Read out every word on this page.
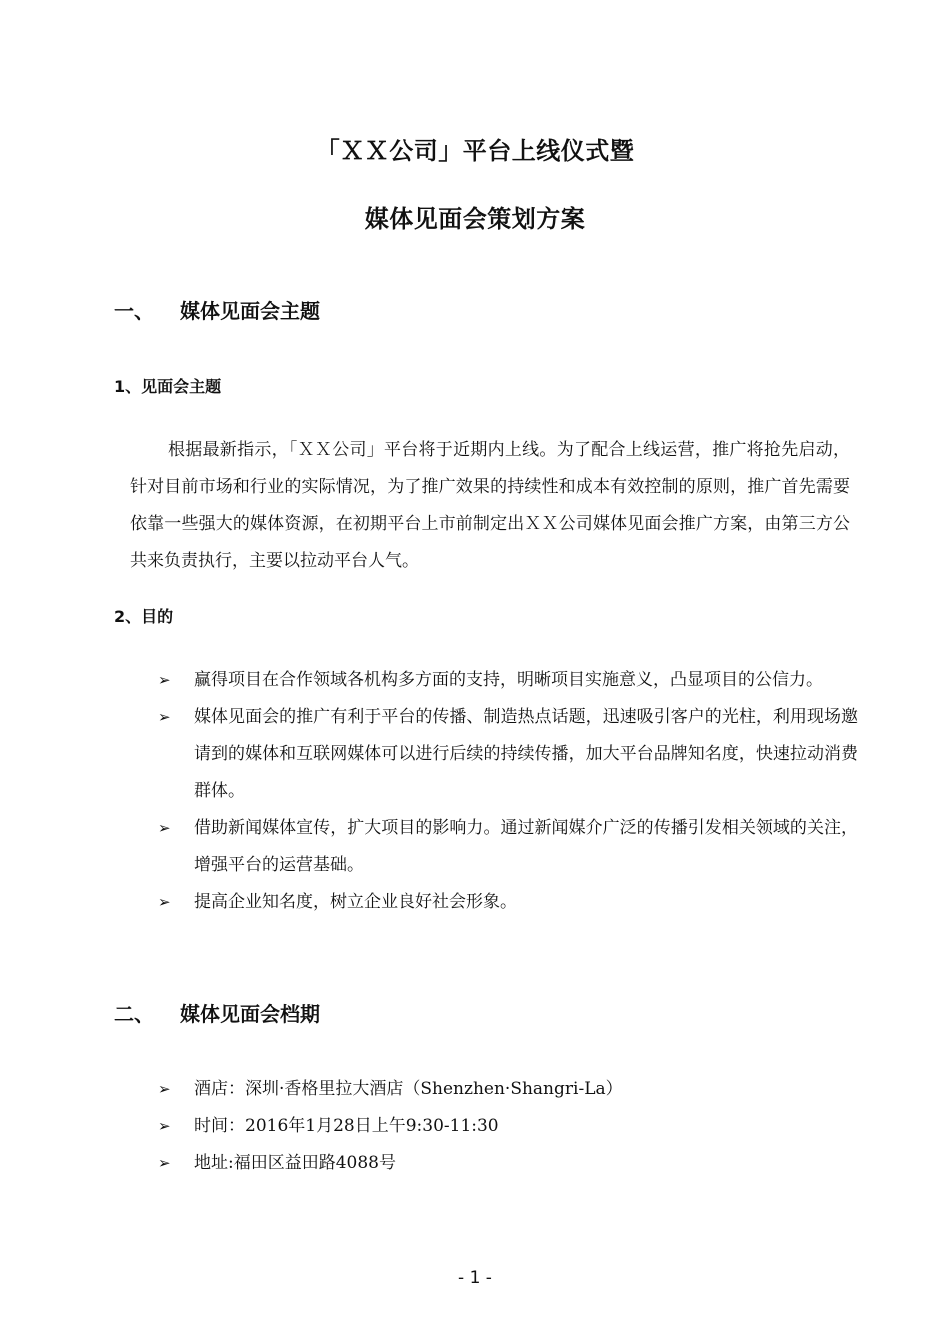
「ＸＸ公司」平台上线仪式暨
媒体见面会策划方案
一、 媒体见面会主题
1、见面会主题
根据最新指示，「ＸＸ公司」平台将于近期内上线。为了配合上线运营，推广将抢先启动，针对目前市场和行业的实际情况，为了推广效果的持续性和成本有效控制的原则，推广首先需要依靠一些强大的媒体资源，在初期平台上市前制定出ＸＸ公司媒体见面会推广方案，由第三方公共来负责执行，主要以拉动平台人气。
2、目的
➢	赢得项目在合作领域各机构多方面的支持，明晰项目实施意义，凸显项目的公信力。
➢	媒体见面会的推广有利于平台的传播、制造热点话题，迅速吸引客户的光柱，利用现场邀请到的媒体和互联网媒体可以进行后续的持续传播，加大平台品牌知名度，快速拉动消费群体。
➢	借助新闻媒体宣传，扩大项目的影响力。通过新闻媒介广泛的传播引发相关领域的关注，增强平台的运营基础。
➢	提高企业知名度，树立企业良好社会形象。
二、 媒体见面会档期
➢	酒店：深圳·香格里拉大酒店（Shenzhen·Shangri-La）
➢	时间：2016年1月28日上午9:30-11:30
➢	地址:福田区益田路4088号
- 1 -
